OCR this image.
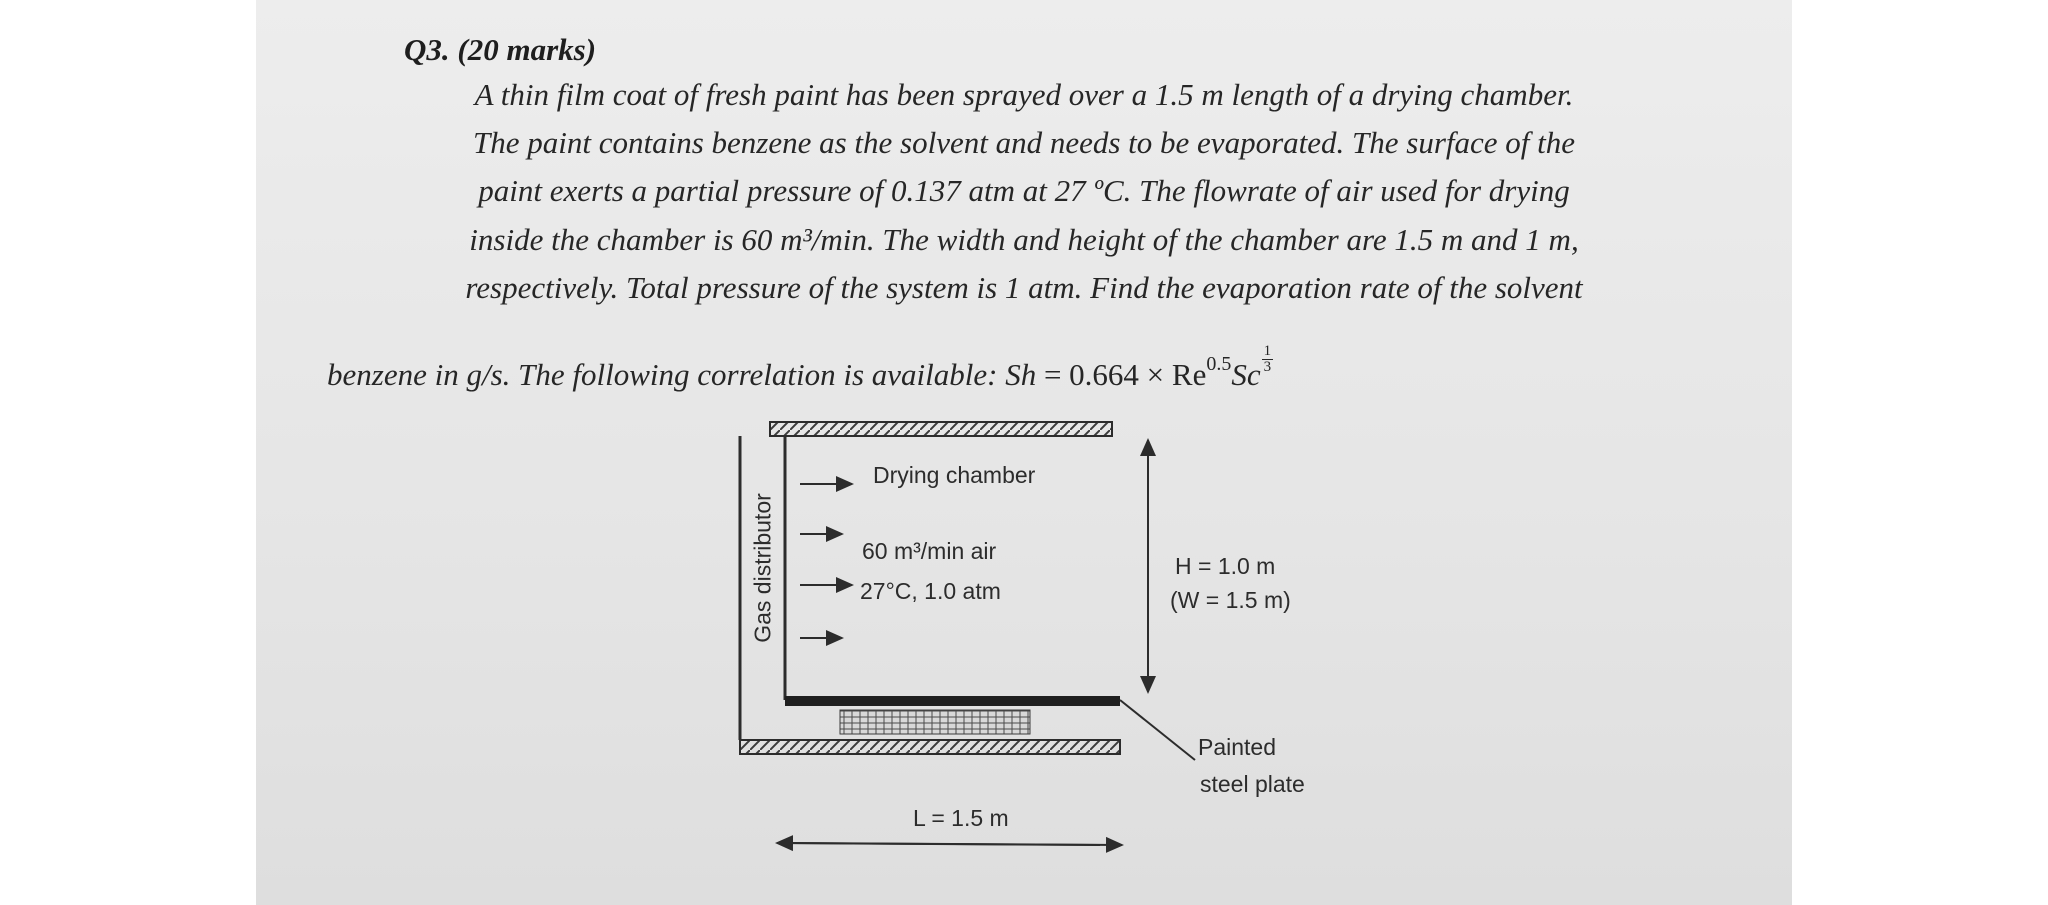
Q3. (20 marks)
A thin film coat of fresh paint has been sprayed over a 1.5 m length of a drying chamber.
The paint contains benzene as the solvent and needs to be evaporated. The surface of the
paint exerts a partial pressure of 0.137 atm at 27 ºC. The flowrate of air used for drying
inside the chamber is 60 m³/min. The width and height of the chamber are 1.5 m and 1 m,
respectively. Total pressure of the system is 1 atm. Find the evaporation rate of the solvent
benzene in g/s. The following correlation is available: $Sh = 0.664 \times Re^{0.5}Sc \frac{1}{3}$
Drying chamber
Gas distributor	60 m³/min air
27°C, 1.0 atm
H = 1.0 m
(W = 1.5 m)
Painted
steel plate
L = 1.5 m
